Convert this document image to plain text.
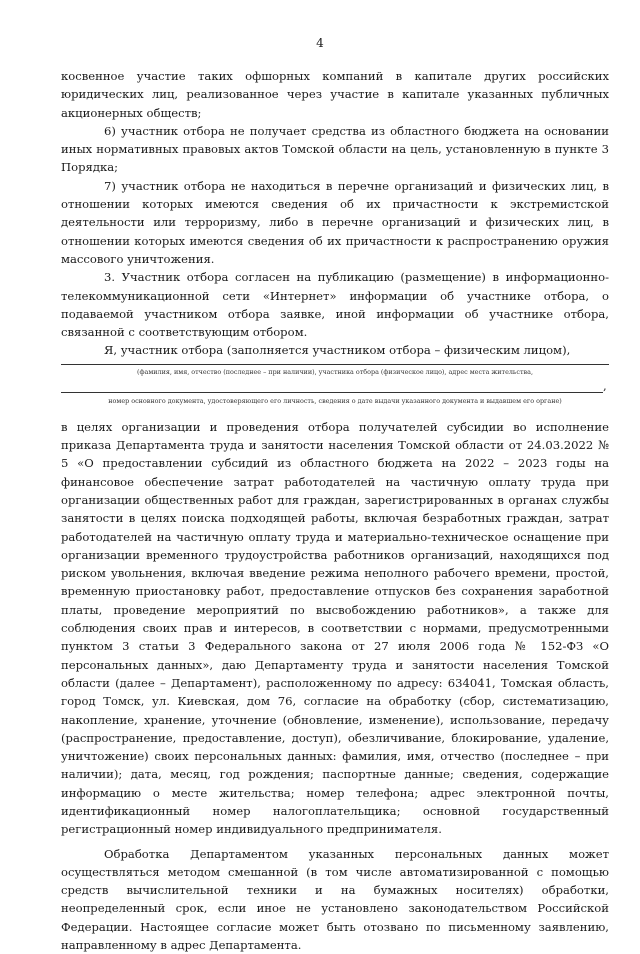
4

косвенное участие таких офшорных компаний в капитале других российских юридических лиц, реализованное через участие в капитале указанных публичных акционерных обществ;

6) участник отбора не получает средства из областного бюджета на основании иных нормативных правовых актов Томской области на цель, установленную в пункте 3 Порядка;

7) участник отбора не находиться в перечне организаций и физических лиц, в отношении которых имеются сведения об их причастности к экстремистской деятельности или терроризму, либо в перечне организаций и физических лиц, в отношении которых имеются сведения об их причастности к распространению оружия массового уничтожения.

3. Участник отбора согласен на публикацию (размещение) в информационно-телекоммуникационной сети «Интернет» информации об участнике отбора, о подаваемой участником отбора заявке, иной информации об участнике отбора, связанной с соответствующим отбором.

Я, участник отбора (заполняется участником отбора – физическим лицом),

(фамилия, имя, отчество (последнее – при наличии), участника отбора (физическое лицо), адрес места жительства,
,
номер основного документа, удостоверяющего его личность, сведения о дате выдачи указанного документа и выдавшем его органе)

в целях организации и проведения отбора получателей субсидии во исполнение приказа Департамента труда и занятости населения Томской области от 24.03.2022 № 5 «О предоставлении субсидий из областного бюджета на 2022 – 2023 годы на финансовое обеспечение затрат работодателей на частичную оплату труда при организации общественных работ для граждан, зарегистрированных в органах службы занятости в целях поиска подходящей работы, включая безработных граждан, затрат работодателей на частичную оплату труда и материально-техническое оснащение при организации временного трудоустройства работников организаций, находящихся под риском увольнения, включая введение режима неполного рабочего времени, простой, временную приостановку работ, предоставление отпусков без сохранения заработной платы, проведение мероприятий по высвобождению работников», а также для соблюдения своих прав и интересов, в соответствии с нормами, предусмотренными пунктом 3 статьи 3 Федерального закона от 27 июля 2006 года № 152-ФЗ «О персональных данных», даю Департаменту труда и занятости населения Томской области (далее – Департамент), расположенному по адресу: 634041, Томская область, город Томск, ул. Киевская, дом 76, согласие на обработку (сбор, систематизацию, накопление, хранение, уточнение (обновление, изменение), использование, передачу (распространение, предоставление, доступ), обезличивание, блокирование, удаление, уничтожение) своих персональных данных: фамилия, имя, отчество (последнее – при наличии); дата, месяц, год рождения; паспортные данные; сведения, содержащие информацию о месте жительства; номер телефона; адрес электронной почты, идентификационный номер налогоплательщика; основной государственный регистрационный номер индивидуального предпринимателя.

Обработка Департаментом указанных персональных данных может осуществляться методом смешанной (в том числе автоматизированной с помощью средств вычислительной техники и на бумажных носителях) обработки, неопределенный срок, если иное не установлено законодательством Российской Федерации. Настоящее согласие может быть отозвано по письменному заявлению, направленному в адрес Департамента.
